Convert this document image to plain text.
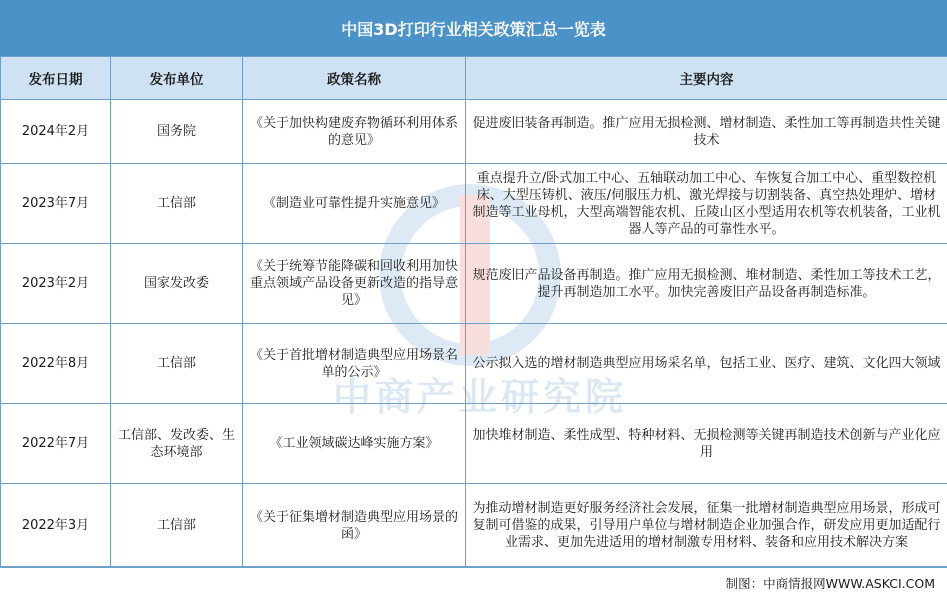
中国3D打印行业相关政策汇总一览表
中商产业研究院
发布日期	发布单位	政策名称	主要内容
2024年2月	国务院	《关于加快构建废弃物循环利用体系的意见》	促进废旧装备再制造。推广应用无损检测、增材制造、柔性加工等再制造共性关键技术
2023年7月	工信部	《制造业可靠性提升实施意见》	重点提升立/卧式加工中心、五轴联动加工中心、车恢复合加工中心、重型数控机床、大型压铸机、液压/伺服压力机、激光焊接与切割装备、真空热处理炉、增材制造等工业母机，大型高端智能农机、丘陵山区小型适用农机等农机装备，工业机器人等产品的可靠性水平。
2023年2月	国家发改委	《关于统筹节能降碳和回收利用加快重点领域产品设备更新改造的指导意见》	规范废旧产品设备再制造。推广应用无损检测、堆材制造、柔性加工等技术工艺，提升再制造加工水平。加快完善废旧产品设备再制造标准。
2022年8月	工信部	《关于首批增材制造典型应用场景名单的公示》	公示拟入选的增材制造典型应用场采名单，包括工业、医疗、建筑、文化四大领域
2022年7月	工信部、发改委、生态环境部	《工业领域碳达峰实施方案》	加快堆材制造、柔性成型、特种材料、无损检测等关键再制造技术创新与产业化应用
2022年3月	工信部	《关于征集增材制造典型应用场景的函》	为推动增材制造更好服务经济社会发展，征集一批增材制造典型应用场景，形成可复制可借鉴的成果，引导用户单位与增材制造企业加强合作，研发应用更加适配行业需求、更加先进适用的增材制激专用材料、装备和应用技术解决方案
制图：中商情报网WWW.ASKCI.COM
